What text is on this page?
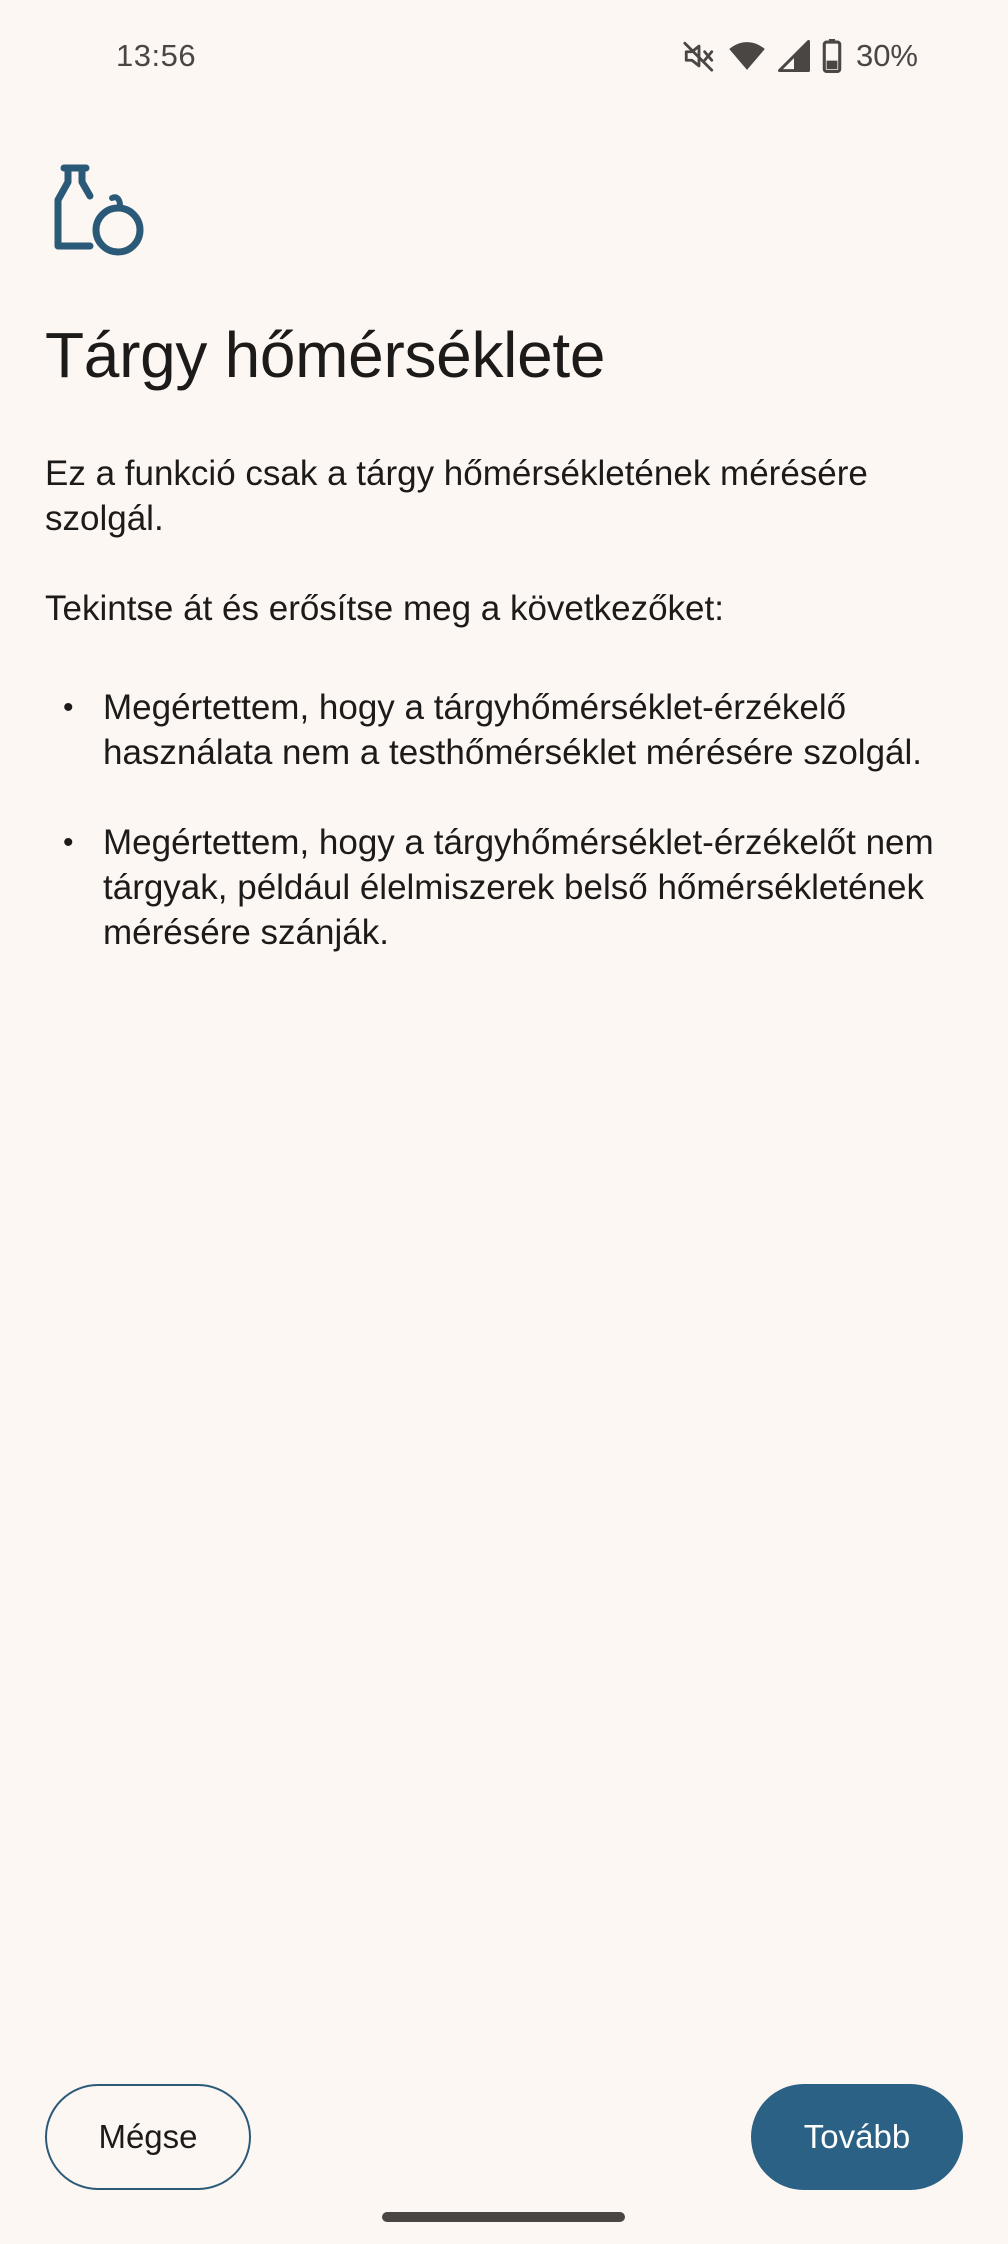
13:56	30%
Tárgy hőmérséklete

Ez a funkció csak a tárgy hőmérsékletének mérésére szolgál.

Tekintse át és erősítse meg a következőket:

• Megértettem, hogy a tárgyhőmérséklet-érzékelő használata nem a testhőmérséklet mérésére szolgál.
• Megértettem, hogy a tárgyhőmérséklet-érzékelőt nem tárgyak, például élelmiszerek belső hőmérsékletének mérésére szánják.
Mégse	Tovább
